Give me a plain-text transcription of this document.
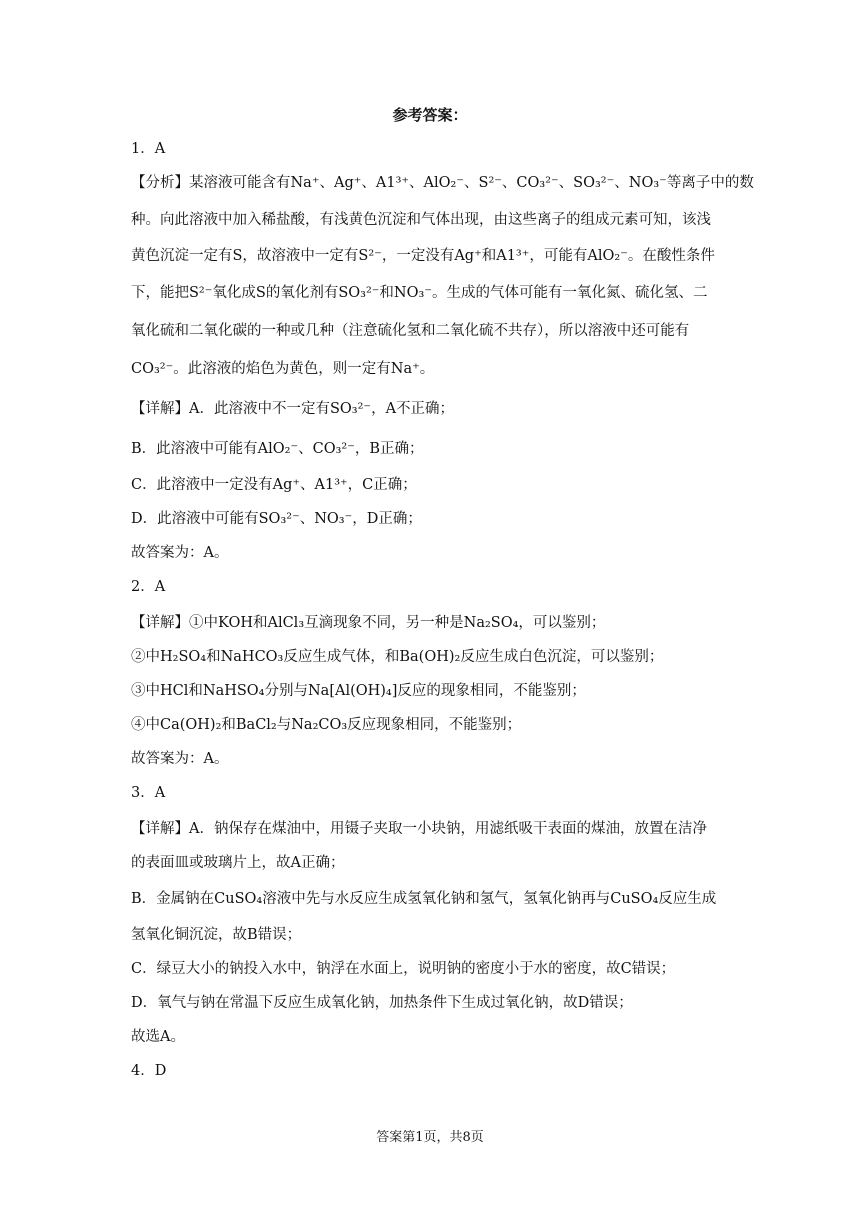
参考答案：
1．A
【分析】某溶液可能含有Na⁺、Ag⁺、A1³⁺、AlO₂⁻、S²⁻、CO₃²⁻、SO₃²⁻、NO₃⁻等离子中的数
种。向此溶液中加入稀盐酸，有浅黄色沉淀和气体出现，由这些离子的组成元素可知，该浅
黄色沉淀一定有S，故溶液中一定有S²⁻，一定没有Ag⁺和A1³⁺，可能有AlO₂⁻。在酸性条件
下，能把S²⁻氧化成S的氧化剂有SO₃²⁻和NO₃⁻。生成的气体可能有一氧化氮、硫化氢、二
氧化硫和二氧化碳的一种或几种（注意硫化氢和二氧化硫不共存），所以溶液中还可能有
CO₃²⁻。此溶液的焰色为黄色，则一定有Na⁺。
【详解】A．此溶液中不一定有SO₃²⁻，A不正确；
B．此溶液中可能有AlO₂⁻、CO₃²⁻，B正确；
C．此溶液中一定没有Ag⁺、A1³⁺，C正确；
D．此溶液中可能有SO₃²⁻、NO₃⁻，D正确；
故答案为：A。
2．A
【详解】①中KOH和AlCl₃互滴现象不同，另一种是Na₂SO₄，可以鉴别；
②中H₂SO₄和NaHCO₃反应生成气体，和Ba(OH)₂反应生成白色沉淀，可以鉴别；
③中HCl和NaHSO₄分别与Na[Al(OH)₄]反应的现象相同，不能鉴别；
④中Ca(OH)₂和BaCl₂与Na₂CO₃反应现象相同，不能鉴别；
故答案为：A。
3．A
【详解】A．钠保存在煤油中，用镊子夹取一小块钠，用滤纸吸干表面的煤油，放置在洁净
的表面皿或玻璃片上，故A正确；
B．金属钠在CuSO₄溶液中先与水反应生成氢氧化钠和氢气，氢氧化钠再与CuSO₄反应生成
氢氧化铜沉淀，故B错误；
C．绿豆大小的钠投入水中，钠浮在水面上，说明钠的密度小于水的密度，故C错误；
D．氧气与钠在常温下反应生成氧化钠，加热条件下生成过氧化钠，故D错误；
故选A。
4．D
答案第1页，共8页
